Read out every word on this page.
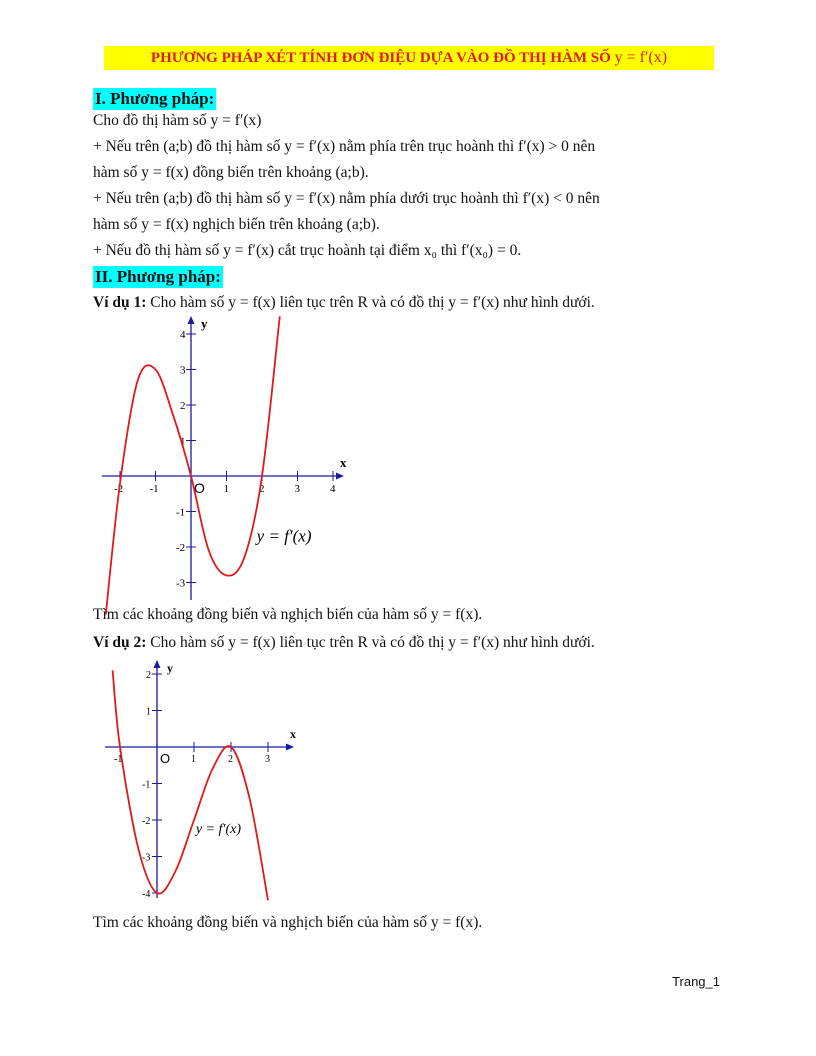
PHƯƠNG PHÁP XÉT TÍNH ĐƠN ĐIỆU DỰA VÀO ĐỒ THỊ HÀM SỐ y = f′(x)
I. Phương pháp:
Cho đồ thị hàm số y = f′(x)
+ Nếu trên (a;b) đồ thị hàm số y = f′(x) nằm phía trên trục hoành thì f′(x) > 0 nên
hàm số y = f(x) đồng biến trên khoảng (a;b).
+ Nếu trên (a;b) đồ thị hàm số y = f′(x) nằm phía dưới trục hoành thì f′(x) < 0 nên
hàm số y = f(x) nghịch biến trên khoảng (a;b).
+ Nếu đồ thị hàm số y = f′(x) cắt trục hoành tại điểm x₀ thì f′(x₀) = 0.
II. Phương pháp:
Ví dụ 1: Cho hàm số y = f(x) liên tục trên R và có đồ thị y = f′(x) như hình dưới.
x
y
O
-2 -1	1	2	3	4
4
3
2
1
-1
-2
-3
y = f′(x)
Tìm các khoảng đồng biến và nghịch biến của hàm số y = f(x).
Ví dụ 2: Cho hàm số y = f(x) liên tục trên R và có đồ thị y = f′(x) như hình dưới.
x
y
O
-1	1	2	3
2
1
-1
-2
-3
-4
y = f′(x)
Tìm các khoảng đồng biến và nghịch biến của hàm số y = f(x).
Trang_1
